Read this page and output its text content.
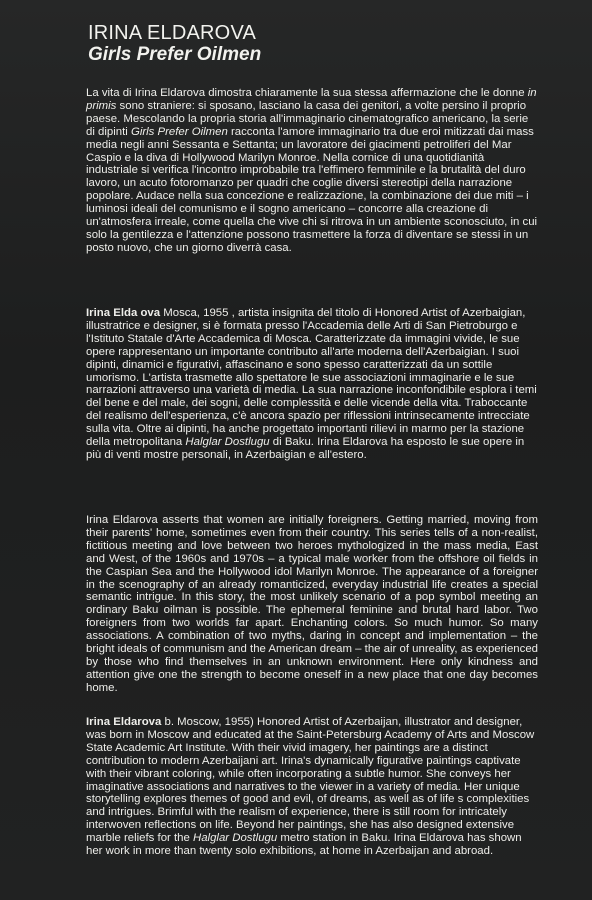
IRINA ELDAROVA
Girls Prefer Oilmen

La vita di Irina Eldarova dimostra chiaramente la sua stessa affermazione che le donne in primis sono straniere: si sposano, lasciano la casa dei genitori, a volte persino il proprio paese. Mescolando la propria storia all'immaginario cinematografico americano, la serie di dipinti Girls Prefer Oilmen racconta l'amore immaginario tra due eroi mitizzati dai mass media negli anni Sessanta e Settanta; un lavoratore dei giacimenti petroliferi del Mar Caspio e la diva di Hollywood Marilyn Monroe. Nella cornice di una quotidianità industriale si verifica l'incontro improbabile tra l'effimero femminile e la brutalità del duro lavoro, un acuto fotoromanzo per quadri che coglie diversi stereotipi della narrazione popolare. Audace nella sua concezione e realizzazione, la combinazione dei due miti – i luminosi ideali del comunismo e il sogno americano – concorre alla creazione di un'atmosfera irreale, come quella che vive chi si ritrova in un ambiente sconosciuto, in cui solo la gentilezza e l'attenzione possono trasmettere la forza di diventare se stessi in un posto nuovo, che un giorno diverrà casa.

Irina Elda ova Mosca, 1955 , artista insignita del titolo di Honored Artist of Azerbaigian, illustratrice e designer, si è formata presso l'Accademia delle Arti di San Pietroburgo e l'Istituto Statale d'Arte Accademica di Mosca. Caratterizzate da immagini vivide, le sue opere rappresentano un importante contributo all'arte moderna dell'Azerbaigian. I suoi dipinti, dinamici e figurativi, affascinano e sono spesso caratterizzati da un sottile umorismo. L'artista trasmette allo spettatore le sue associazioni immaginarie e le sue narrazioni attraverso una varietà di media. La sua narrazione inconfondibile esplora i temi del bene e del male, dei sogni, delle complessità e delle vicende della vita. Traboccante del realismo dell'esperienza, c'è ancora spazio per riflessioni intrinsecamente intrecciate sulla vita. Oltre ai dipinti, ha anche progettato importanti rilievi in marmo per la stazione della metropolitana Halglar Dostlugu di Baku. Irina Eldarova ha esposto le sue opere in più di venti mostre personali, in Azerbaigian e all'estero.

Irina Eldarova asserts that women are initially foreigners. Getting married, moving from their parents' home, sometimes even from their country. This series tells of a non-realist, fictitious meeting and love between two heroes mythologized in the mass media, East and West, of the 1960s and 1970s – a typical male worker from the offshore oil fields in the Caspian Sea and the Hollywood idol Marilyn Monroe. The appearance of a foreigner in the scenography of an already romanticized, everyday industrial life creates a special semantic intrigue. In this story, the most unlikely scenario of a pop symbol meeting an ordinary Baku oilman is possible. The ephemeral feminine and brutal hard labor. Two foreigners from two worlds far apart. Enchanting colors. So much humor. So many associations. A combination of two myths, daring in concept and implementation – the bright ideals of communism and the American dream – the air of unreality, as experienced by those who find themselves in an unknown environment. Here only kindness and attention give one the strength to become oneself in a new place that one day becomes home.

Irina Eldarova b. Moscow, 1955) Honored Artist of Azerbaijan, illustrator and designer, was born in Moscow and educated at the Saint-Petersburg Academy of Arts and Moscow State Academic Art Institute. With their vivid imagery, her paintings are a distinct contribution to modern Azerbaijani art. Irina's dynamically figurative paintings captivate with their vibrant coloring, while often incorporating a subtle humor. She conveys her imaginative associations and narratives to the viewer in a variety of media. Her unique storytelling explores themes of good and evil, of dreams, as well as of life s complexities and intrigues. Brimful with the realism of experience, there is still room for intricately interwoven reflections on life. Beyond her paintings, she has also designed extensive marble reliefs for the Halglar Dostlugu metro station in Baku. Irina Eldarova has shown her work in more than twenty solo exhibitions, at home in Azerbaijan and abroad.
